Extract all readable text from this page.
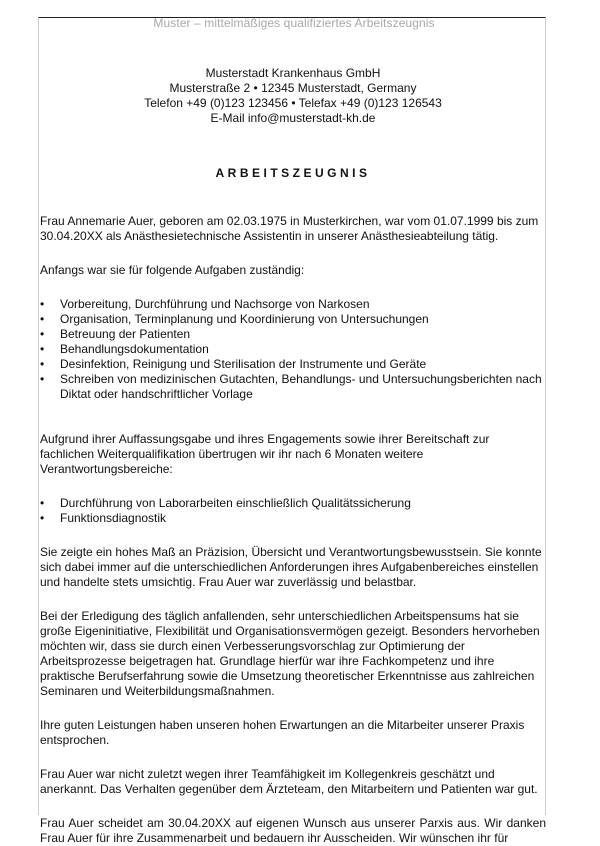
Muster – mittelmäßiges qualifiziertes Arbeitszeugnis
Musterstadt Krankenhaus GmbH
Musterstraße 2 • 12345 Musterstadt, Germany
Telefon +49 (0)123 123456 • Telefax +49 (0)123 126543
E-Mail info@musterstadt-kh.de
ARBEITSZEUGNIS

Frau Annemarie Auer, geboren am 02.03.1975 in Musterkirchen, war vom 01.07.1999 bis zum 30.04.20XX als Anästhesietechnische Assistentin in unserer Anästhesieabteilung tätig.

Anfangs war sie für folgende Aufgaben zuständig:

• Vorbereitung, Durchführung und Nachsorge von Narkosen
• Organisation, Terminplanung und Koordinierung von Untersuchungen
• Betreuung der Patienten
• Behandlungsdokumentation
• Desinfektion, Reinigung und Sterilisation der Instrumente und Geräte
• Schreiben von medizinischen Gutachten, Behandlungs- und Untersuchungsberichten nach Diktat oder handschriftlicher Vorlage

Aufgrund ihrer Auffassungsgabe und ihres Engagements sowie ihrer Bereitschaft zur fachlichen Weiterqualifikation übertrugen wir ihr nach 6 Monaten weitere Verantwortungsbereiche:

• Durchführung von Laborarbeiten einschließlich Qualitätssicherung
• Funktionsdiagnostik

Sie zeigte ein hohes Maß an Präzision, Übersicht und Verantwortungsbewusstsein. Sie konnte sich dabei immer auf die unterschiedlichen Anforderungen ihres Aufgabenbereiches einstellen und handelte stets umsichtig. Frau Auer war zuverlässig und belastbar.

Bei der Erledigung des täglich anfallenden, sehr unterschiedlichen Arbeitspensums hat sie große Eigeninitiative, Flexibilität und Organisationsvermögen gezeigt. Besonders hervorheben möchten wir, dass sie durch einen Verbesserungsvorschlag zur Optimierung der Arbeitsprozesse beigetragen hat. Grundlage hierfür war ihre Fachkompetenz und ihre praktische Berufserfahrung sowie die Umsetzung theoretischer Erkenntnisse aus zahlreichen Seminaren und Weiterbildungsmaßnahmen.

Ihre guten Leistungen haben unseren hohen Erwartungen an die Mitarbeiter unserer Praxis entsprochen.

Frau Auer war nicht zuletzt wegen ihrer Teamfähigkeit im Kollegenkreis geschätzt und anerkannt. Das Verhalten gegenüber dem Ärzteteam, den Mitarbeitern und Patienten war gut.

Frau Auer scheidet am 30.04.20XX auf eigenen Wunsch aus unserer Parxis aus. Wir danken Frau Auer für ihre Zusammenarbeit und bedauern ihr Ausscheiden. Wir wünschen ihr für
